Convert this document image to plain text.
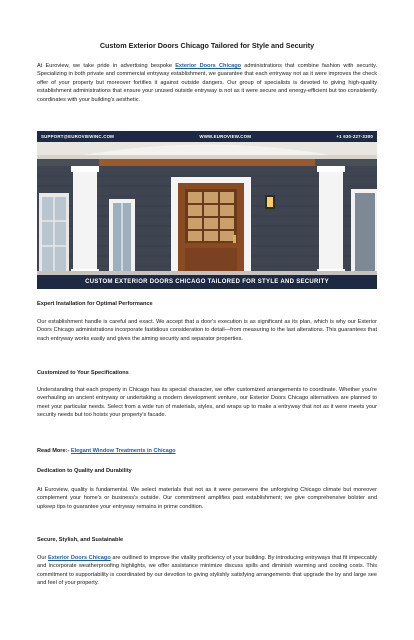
Custom Exterior Doors Chicago Tailored for Style and Security

At Euroview, we take pride in advertising bespoke Exterior Doors Chicago administrations that combine fashion with security. Specializing in both private and commercial entryway establishment, we guarantee that each entryway not as it were improves the check offer of your property but moreover fortifies it against outside dangers. Our group of specialists is devoted to giving high-quality establishment administrations that ensure your unused outside entryway is not as it were secure and energy-efficient but too consistently coordinates with your building's aesthetic.

SUPPORT@EUROVIEWINC.COM	WWW.EUROVIEW.COM	+1 630-227-3300
CUSTOM EXTERIOR DOORS CHICAGO TAILORED FOR STYLE AND SECURITY
Expert Installation for Optimal Performance

Our establishment handle is careful and exact. We accept that a door's execution is as significant as its plan, which is why our Exterior Doors Chicago administrations incorporate fastidious consideration to detail—from measuring to the last alterations. This guarantees that each entryway works easily and gives the aiming security and separator properties.

Customized to Your Specifications

Understanding that each property in Chicago has its special character, we offer customized arrangements to coordinate. Whether you're overhauling an ancient entryway or undertaking a modern development venture, our Exterior Doors Chicago alternatives are planned to meet your particular needs. Select from a wide run of materials, styles, and wraps up to make a entryway that not as it were meets your security needs but too hoists your property's facade.

Read More:- Elegant Window Treatments in Chicago

Dedication to Quality and Durability

At Euroview, quality is fundamental. We select materials that not as it were persevere the unforgiving Chicago climate but moreover complement your home's or business's outside. Our commitment amplifies past establishment; we give comprehensive bolster and upkeep tips to guarantee your entryway remains in prime condition.

Secure, Stylish, and Sustainable

Our Exterior Doors Chicago are outlined to improve the vitality proficiency of your building. By introducing entryways that fit impeccably and incorporate weatherproofing highlights, we offer assistance minimize discuss spills and diminish warming and cooling costs. This commitment to supportability is coordinated by our devotion to giving stylishly satisfying arrangements that upgrade the by and large see and feel of your property.
